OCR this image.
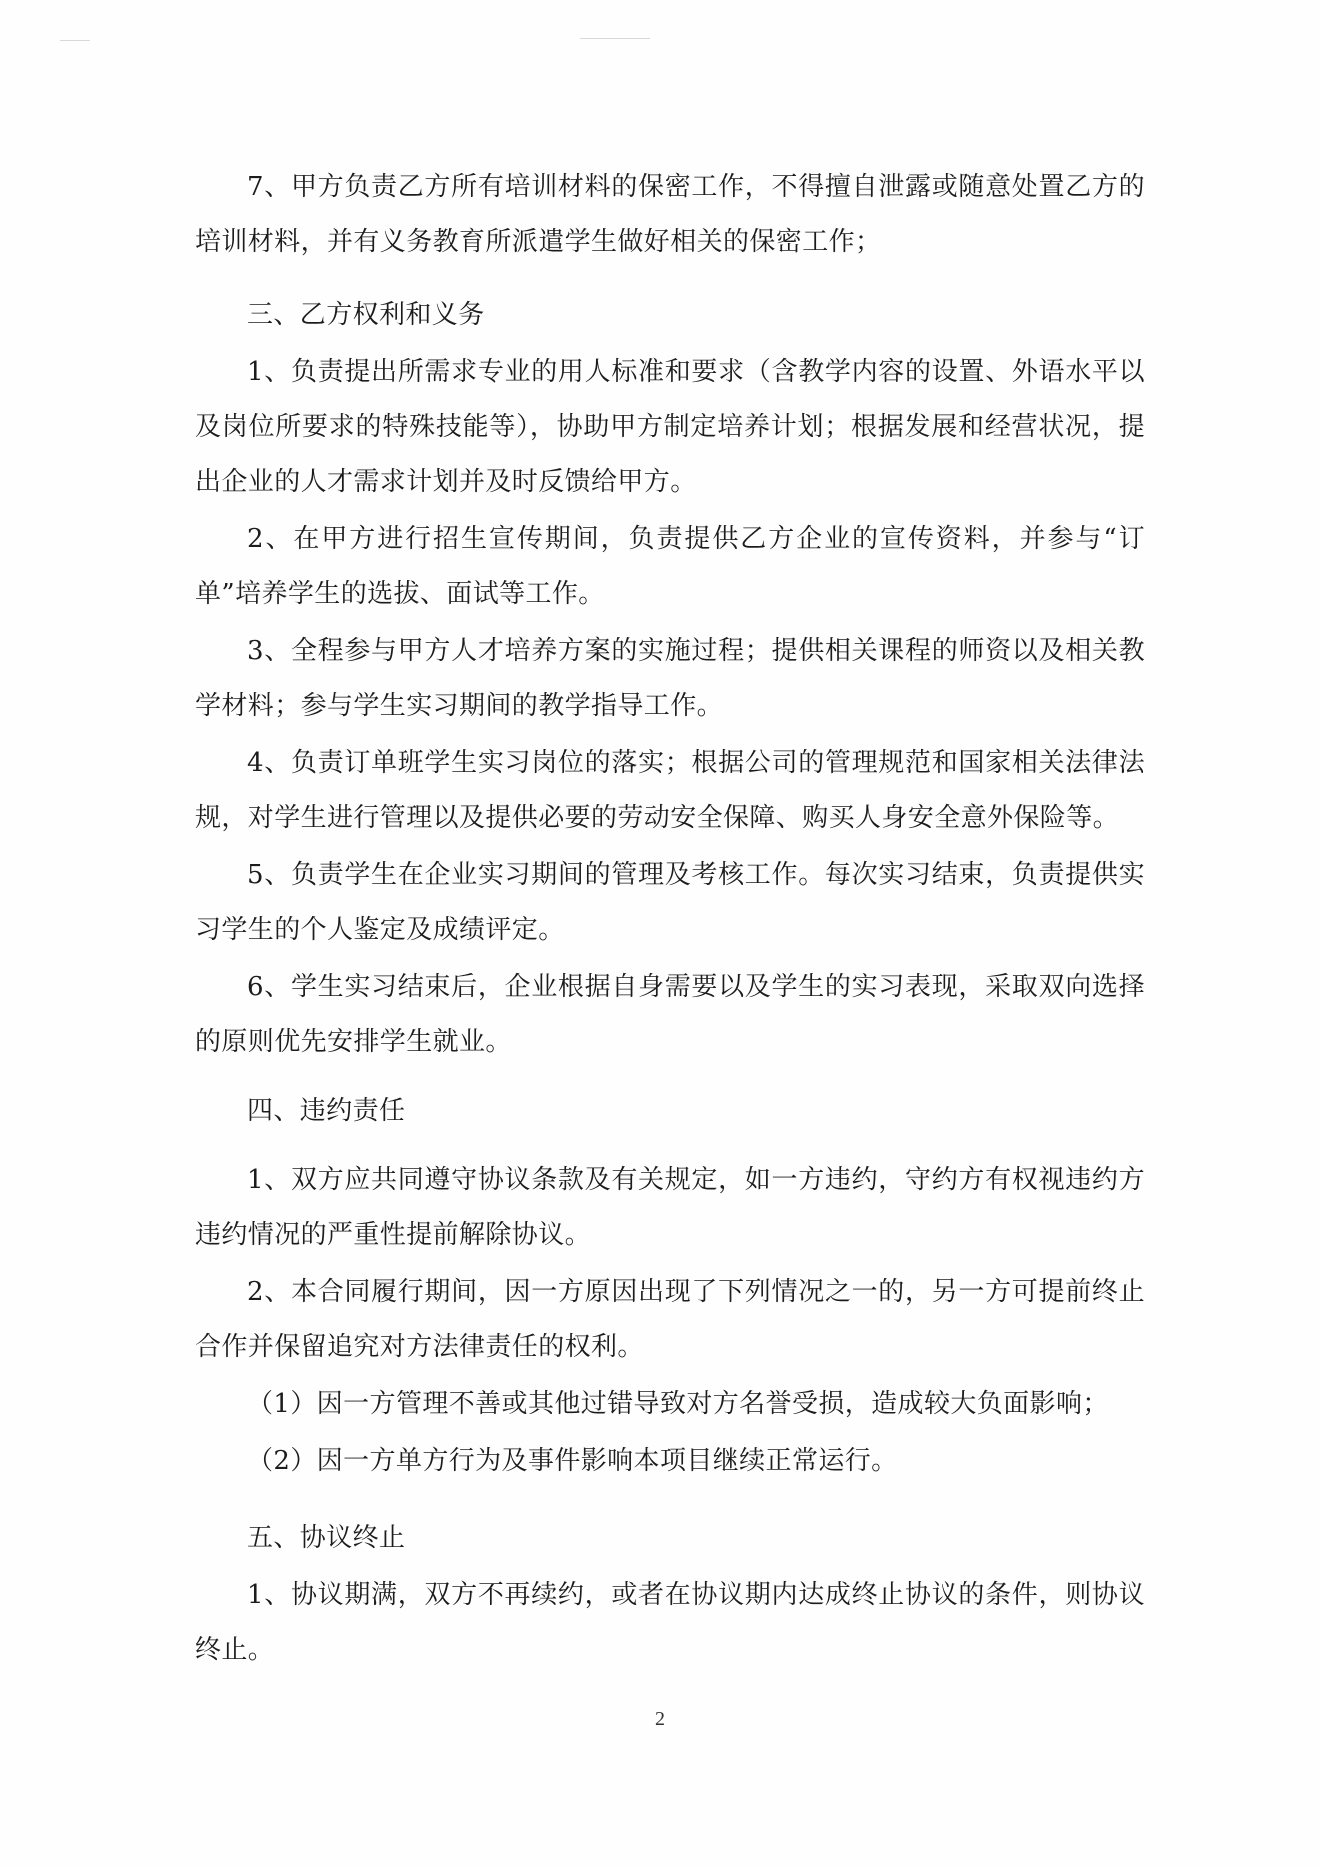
7、甲方负责乙方所有培训材料的保密工作，不得擅自泄露或随意处置乙方的培训材料，并有义务教育所派遣学生做好相关的保密工作；

三、乙方权利和义务

1、负责提出所需求专业的用人标准和要求（含教学内容的设置、外语水平以及岗位所要求的特殊技能等），协助甲方制定培养计划；根据发展和经营状况，提出企业的人才需求计划并及时反馈给甲方。

2、在甲方进行招生宣传期间，负责提供乙方企业的宣传资料，并参与“订单”培养学生的选拔、面试等工作。

3、全程参与甲方人才培养方案的实施过程；提供相关课程的师资以及相关教学材料；参与学生实习期间的教学指导工作。

4、负责订单班学生实习岗位的落实；根据公司的管理规范和国家相关法律法规，对学生进行管理以及提供必要的劳动安全保障、购买人身安全意外保险等。

5、负责学生在企业实习期间的管理及考核工作。每次实习结束，负责提供实习学生的个人鉴定及成绩评定。

6、学生实习结束后，企业根据自身需要以及学生的实习表现，采取双向选择的原则优先安排学生就业。

四、违约责任

1、双方应共同遵守协议条款及有关规定，如一方违约，守约方有权视违约方违约情况的严重性提前解除协议。

2、本合同履行期间，因一方原因出现了下列情况之一的，另一方可提前终止合作并保留追究对方法律责任的权利。

（1）因一方管理不善或其他过错导致对方名誉受损，造成较大负面影响；

（2）因一方单方行为及事件影响本项目继续正常运行。

五、协议终止

1、协议期满，双方不再续约，或者在协议期内达成终止协议的条件，则协议终止。

2
